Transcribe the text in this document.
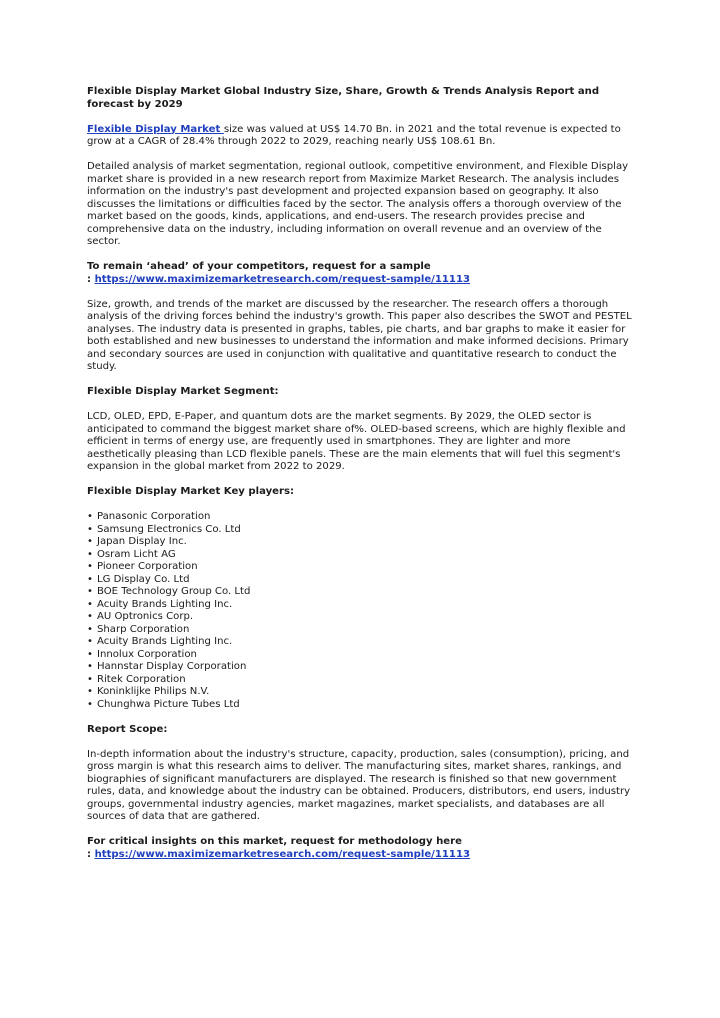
Flexible Display Market Global Industry Size, Share, Growth & Trends Analysis Report and forecast by 2029

Flexible Display Market size was valued at US$ 14.70 Bn. in 2021 and the total revenue is expected to grow at a CAGR of 28.4% through 2022 to 2029, reaching nearly US$ 108.61 Bn.

Detailed analysis of market segmentation, regional outlook, competitive environment, and Flexible Display market share is provided in a new research report from Maximize Market Research. The analysis includes information on the industry's past development and projected expansion based on geography. It also discusses the limitations or difficulties faced by the sector. The analysis offers a thorough overview of the market based on the goods, kinds, applications, and end-users. The research provides precise and comprehensive data on the industry, including information on overall revenue and an overview of the sector.

To remain ‘ahead’ of your competitors, request for a sample

: https://www.maximizemarketresearch.com/request-sample/11113

Size, growth, and trends of the market are discussed by the researcher. The research offers a thorough analysis of the driving forces behind the industry's growth. This paper also describes the SWOT and PESTEL analyses. The industry data is presented in graphs, tables, pie charts, and bar graphs to make it easier for both established and new businesses to understand the information and make informed decisions. Primary and secondary sources are used in conjunction with qualitative and quantitative research to conduct the study.

Flexible Display Market Segment:

LCD, OLED, EPD, E-Paper, and quantum dots are the market segments. By 2029, the OLED sector is anticipated to command the biggest market share of%. OLED-based screens, which are highly flexible and efficient in terms of energy use, are frequently used in smartphones. They are lighter and more aesthetically pleasing than LCD flexible panels. These are the main elements that will fuel this segment's expansion in the global market from 2022 to 2029.

Flexible Display Market Key players:

• Panasonic Corporation
• Samsung Electronics Co. Ltd
• Japan Display Inc.
• Osram Licht AG
• Pioneer Corporation
• LG Display Co. Ltd
• BOE Technology Group Co. Ltd
• Acuity Brands Lighting Inc.
• AU Optronics Corp.
• Sharp Corporation
• Acuity Brands Lighting Inc.
• Innolux Corporation
• Hannstar Display Corporation
• Ritek Corporation
• Koninklijke Philips N.V.
• Chunghwa Picture Tubes Ltd

Report Scope:

In-depth information about the industry's structure, capacity, production, sales (consumption), pricing, and gross margin is what this research aims to deliver. The manufacturing sites, market shares, rankings, and biographies of significant manufacturers are displayed. The research is finished so that new government rules, data, and knowledge about the industry can be obtained. Producers, distributors, end users, industry groups, governmental industry agencies, market magazines, market specialists, and databases are all sources of data that are gathered.

For critical insights on this market, request for methodology here

: https://www.maximizemarketresearch.com/request-sample/11113
